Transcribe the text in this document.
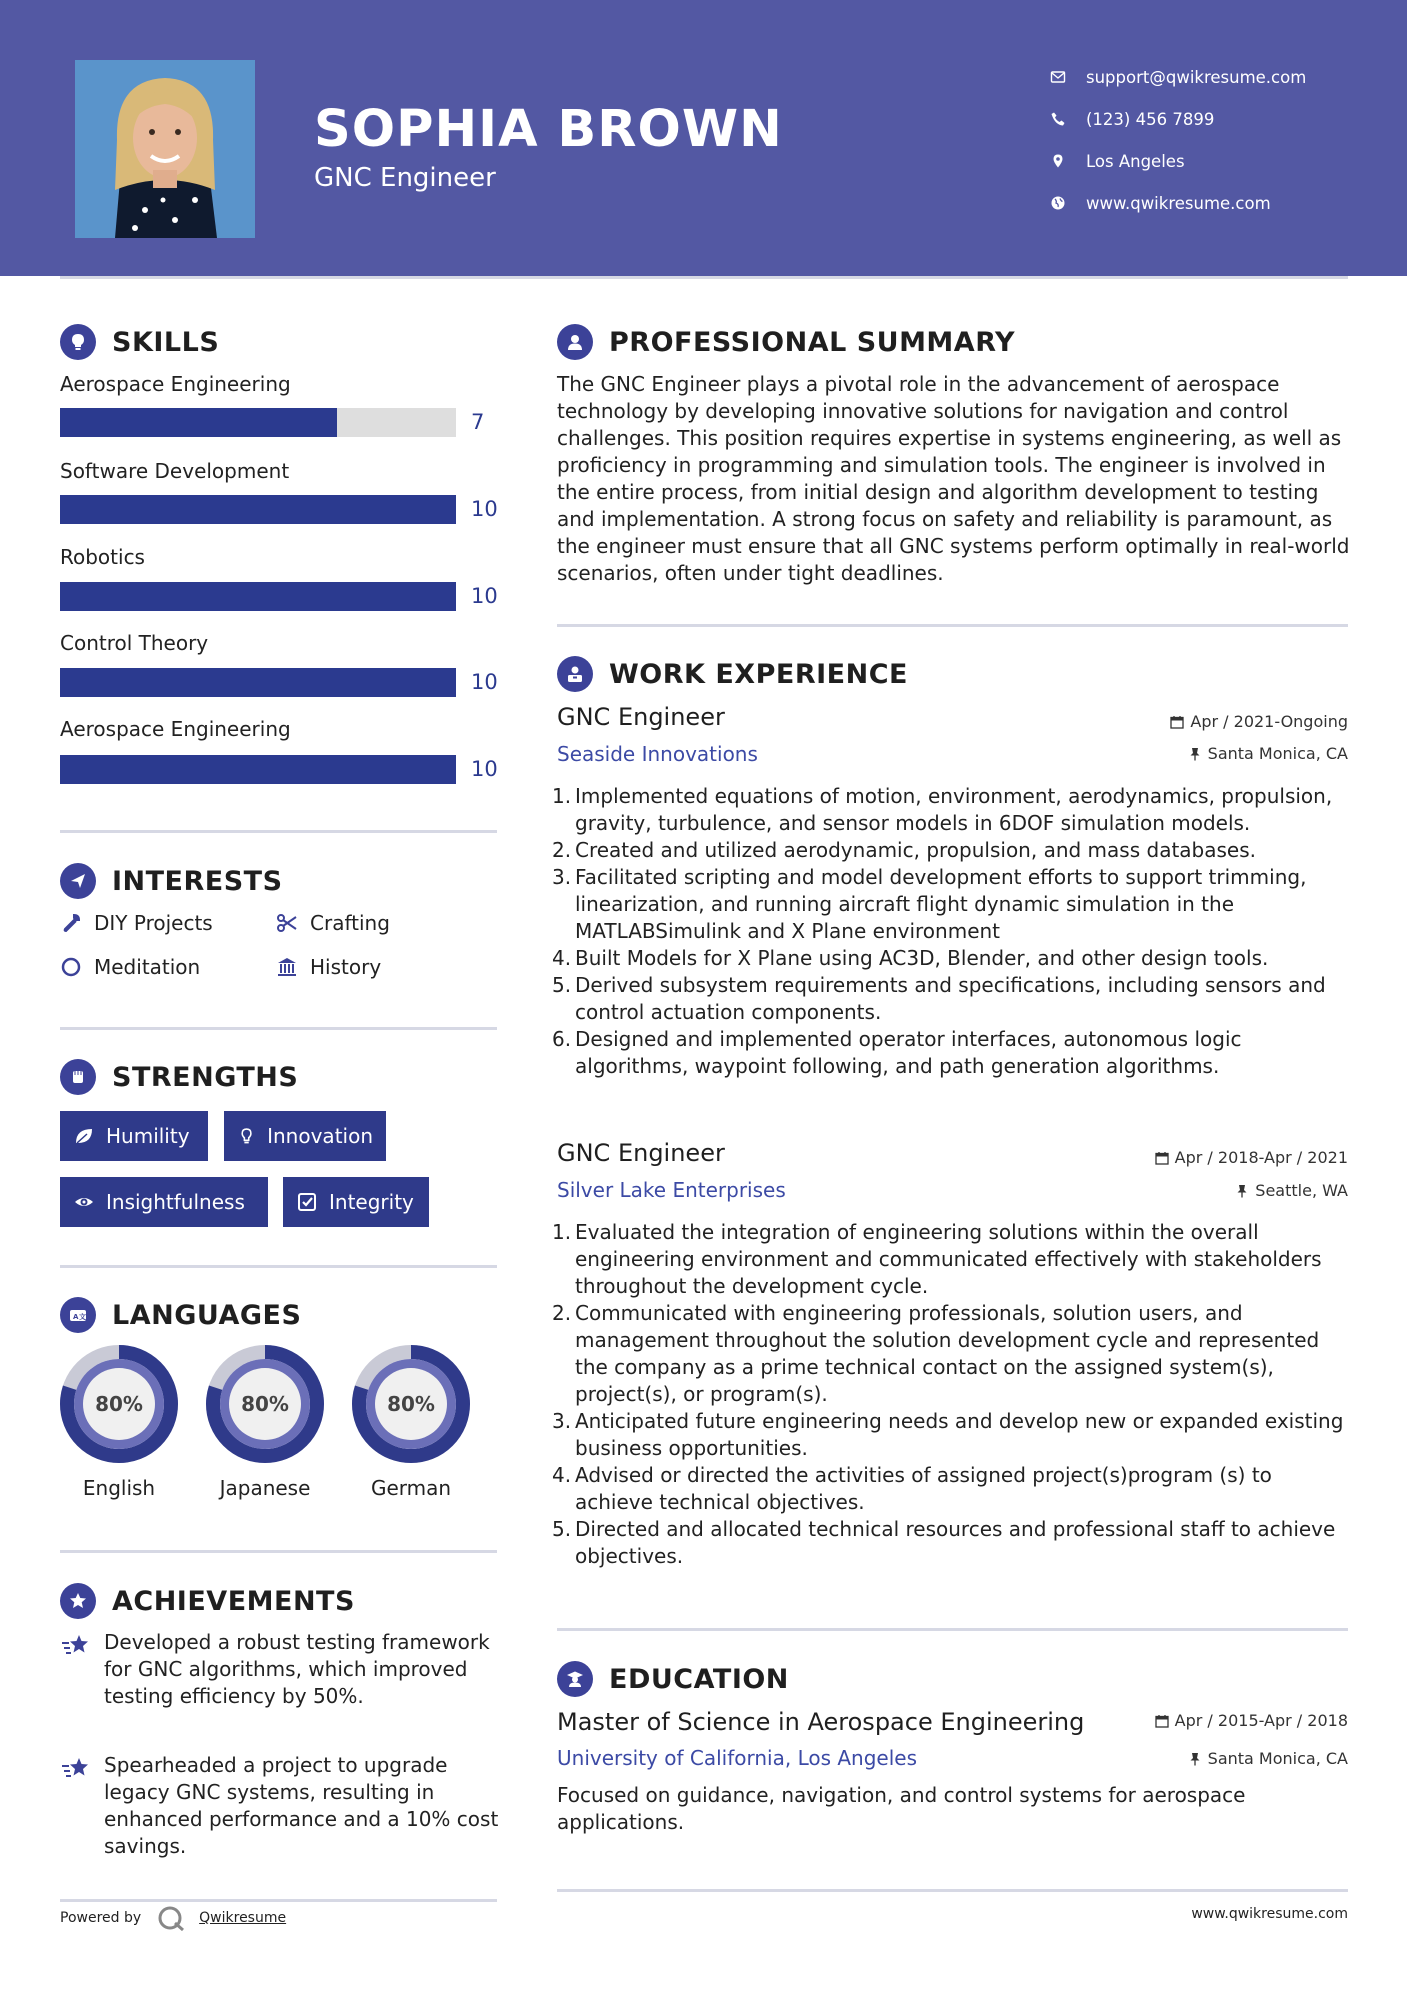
SOPHIA BROWN
GNC Engineer
support@qwikresume.com
(123) 456 7899
Los Angeles
www.qwikresume.com
SKILLS
Aerospace Engineering
7
Software Development
10
Robotics
10
Control Theory
10
Aerospace Engineering
10
INTERESTS
DIY Projects	Crafting
Meditation	History
STRENGTHS
Humility	Innovation
Insightfulness	Integrity
A 文 LANGUAGES
80%
English
80%
Japanese
80%
German
ACHIEVEMENTS
Developed a robust testing framework for GNC algorithms, which improved testing efficiency by 50%.
Spearheaded a project to upgrade legacy GNC systems, resulting in enhanced performance and a 10% cost savings.
PROFESSIONAL SUMMARY
The GNC Engineer plays a pivotal role in the advancement of aerospace technology by developing innovative solutions for navigation and control challenges. This position requires expertise in systems engineering, as well as proficiency in programming and simulation tools. The engineer is involved in the entire process, from initial design and algorithm development to testing and implementation. A strong focus on safety and reliability is paramount, as the engineer must ensure that all GNC systems perform optimally in real-world scenarios, often under tight deadlines.
WORK EXPERIENCE
GNC Engineer	Apr / 2021-Ongoing
Seaside Innovations	Santa Monica, CA
Implemented equations of motion, environment, aerodynamics, propulsion, gravity, turbulence, and sensor models in 6DOF simulation models.
Created and utilized aerodynamic, propulsion, and mass databases.
Facilitated scripting and model development efforts to support trimming, linearization, and running aircraft flight dynamic simulation in the MATLABSimulink and X Plane environment
Built Models for X Plane using AC3D, Blender, and other design tools.
Derived subsystem requirements and specifications, including sensors and control actuation components.
Designed and implemented operator interfaces, autonomous logic algorithms, waypoint following, and path generation algorithms.
GNC Engineer	Apr / 2018-Apr / 2021
Silver Lake Enterprises	Seattle, WA
Evaluated the integration of engineering solutions within the overall engineering environment and communicated effectively with stakeholders throughout the development cycle.
Communicated with engineering professionals, solution users, and management throughout the solution development cycle and represented the company as a prime technical contact on the assigned system(s), project(s), or program(s).
Anticipated future engineering needs and develop new or expanded existing business opportunities.
Advised or directed the activities of assigned project(s)program (s) to achieve technical objectives.
Directed and allocated technical resources and professional staff to achieve objectives.
EDUCATION
Master of Science in Aerospace Engineering	Apr / 2015-Apr / 2018
University of California, Los Angeles	Santa Monica, CA
Focused on guidance, navigation, and control systems for aerospace applications.
Powered by	Qwikresume	www.qwikresume.com
